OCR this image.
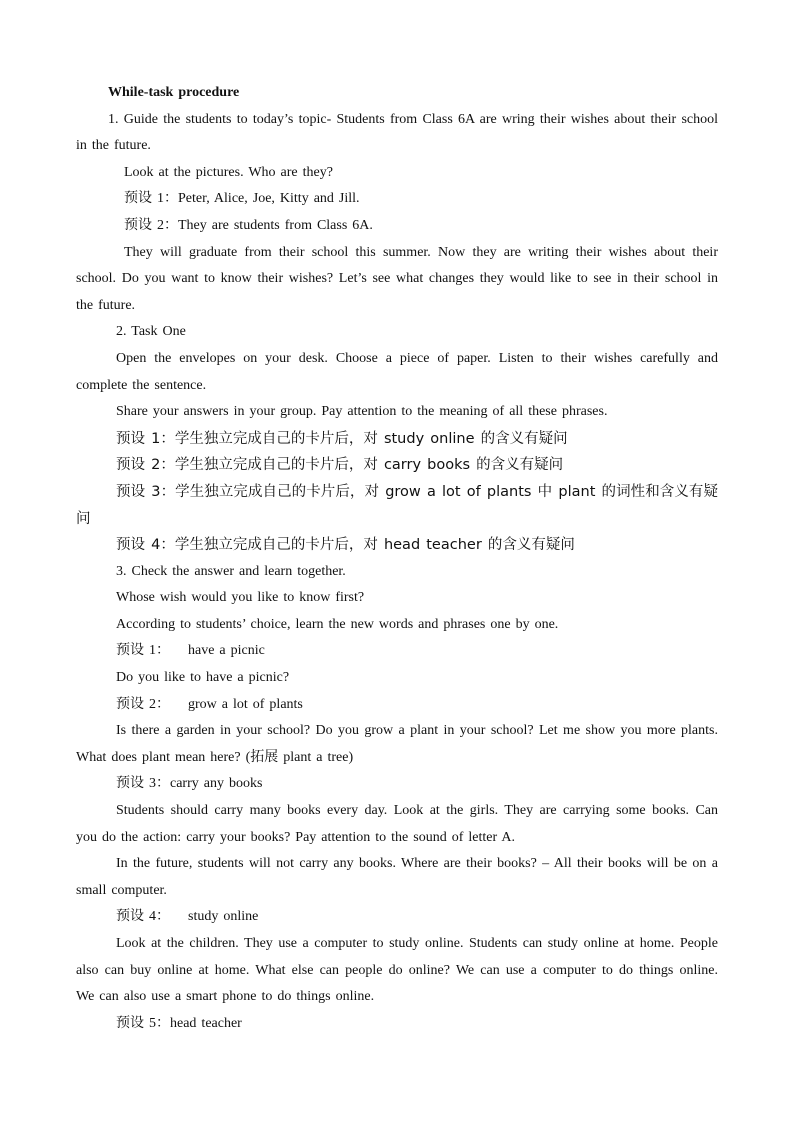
While-task procedure

1. Guide the students to today’s topic- Students from Class 6A are wring their wishes about their school in the future.

Look at the pictures. Who are they?

预设 1：Peter, Alice, Joe, Kitty and Jill.

预设 2：They are students from Class 6A.

They will graduate from their school this summer. Now they are writing their wishes about their school. Do you want to know their wishes? Let’s see what changes they would like to see in their school in the future.

2. Task One

Open the envelopes on your desk. Choose a piece of paper. Listen to their wishes carefully and complete the sentence.

Share your answers in your group. Pay attention to the meaning of all these phrases.

预设 1：学生独立完成自己的卡片后，对 study online 的含义有疑问

预设 2：学生独立完成自己的卡片后，对 carry books 的含义有疑问

预设 3：学生独立完成自己的卡片后，对 grow a lot of plants 中 plant 的词性和含义有疑问

预设 4：学生独立完成自己的卡片后，对 head teacher 的含义有疑问

3. Check the answer and learn together.

Whose wish would you like to know first?

According to students’ choice, learn the new words and phrases one by one.

预设 1： have a picnic

Do you like to have a picnic?

预设 2： grow a lot of plants

Is there a garden in your school? Do you grow a plant in your school? Let me show you more plants. What does plant mean here? (拓展 plant a tree)

预设 3：carry any books

Students should carry many books every day. Look at the girls. They are carrying some books. Can you do the action: carry your books? Pay attention to the sound of letter A.

In the future, students will not carry any books. Where are their books? – All their books will be on a small computer.

预设 4： study online

Look at the children. They use a computer to study online. Students can study online at home. People also can buy online at home. What else can people do online? We can use a computer to do things online. We can also use a smart phone to do things online.

预设 5：head teacher
